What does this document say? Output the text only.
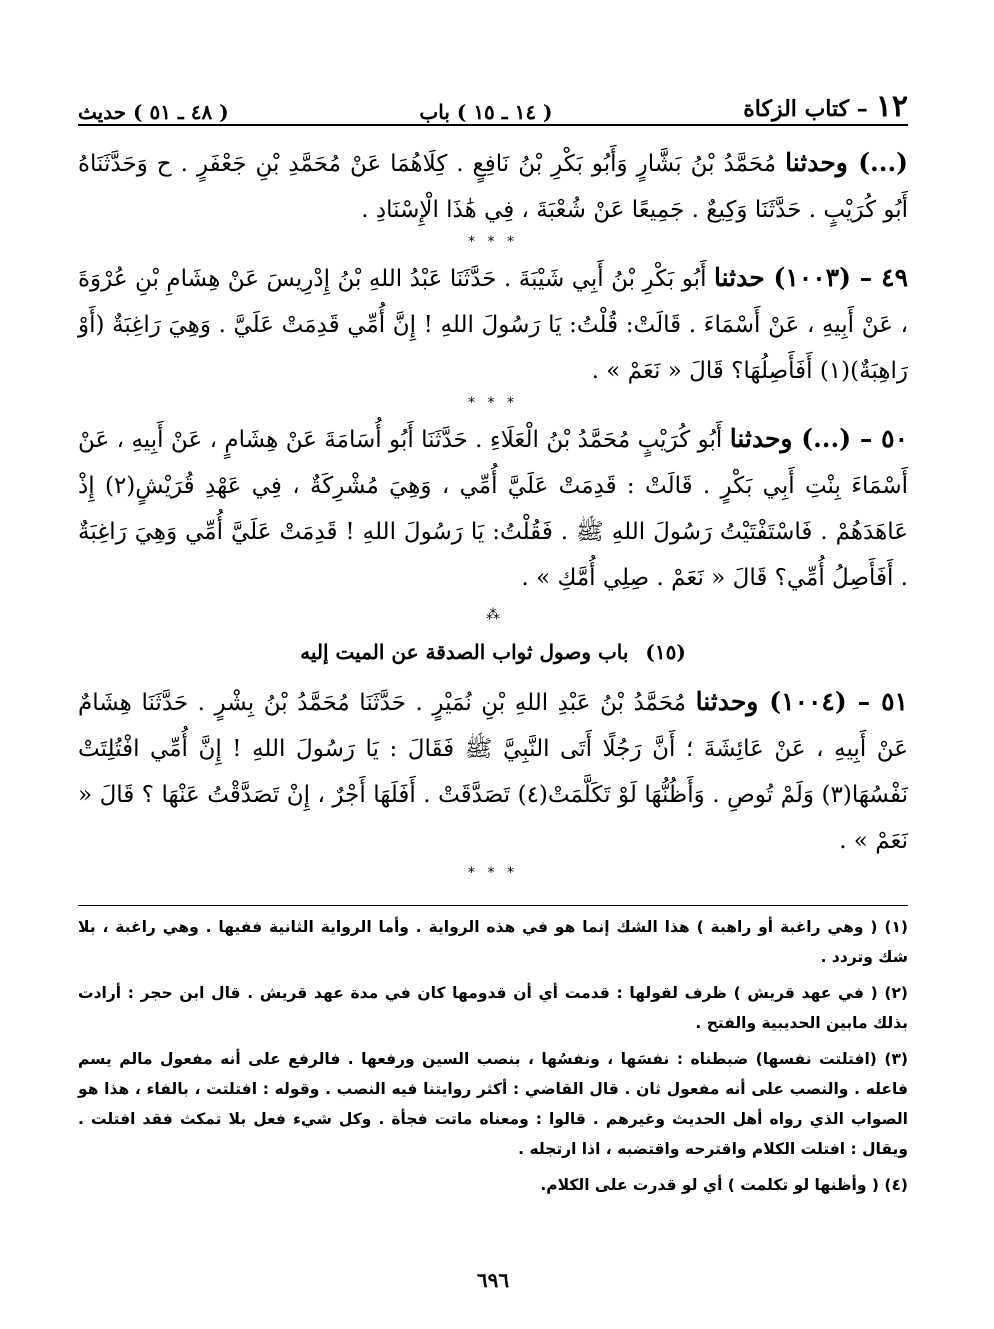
١٢
– كتاب الزكاة
( ١٤ ـ ١٥ ) باب
( ٤٨ ـ ٥١ ) حديث

(...) وحدثنا مُحَمَّدُ بْنُ بَشَّارٍ وَأَبُو بَكْرِ بْنُ نَافِعٍ . كِلَاهُمَا عَنْ مُحَمَّدِ بْنِ جَعْفَرٍ . ح وَحَدَّثَنَاهُ أَبُو كُرَيْبٍ . حَدَّثَنَا وَكِيعٌ . جَمِيعًا عَنْ شُعْبَةَ ، فِي هَٰذَا الْإِسْنَادِ .

* * *

٤٩ – (١٠٠٣) حدثنا أَبُو بَكْرِ بْنُ أَبِي شَيْبَةَ . حَدَّثَنَا عَبْدُ اللهِ بْنُ إِدْرِيسَ عَنْ هِشَامِ بْنِ عُرْوَةَ ، عَنْ أَبِيهِ ، عَنْ أَسْمَاءَ . قَالَتْ: قُلْتُ: يَا رَسُولَ اللهِ ! إِنَّ أُمِّي قَدِمَتْ عَلَيَّ . وَهِيَ رَاغِبَةٌ (أَوْ رَاهِبَةٌ)(١) أَفَأَصِلُهَا؟ قَالَ « نَعَمْ » .

* * *

٥٠ – (...) وحدثنا أَبُو كُرَيْبٍ مُحَمَّدُ بْنُ الْعَلَاءِ . حَدَّثَنَا أَبُو أُسَامَةَ عَنْ هِشَامٍ ، عَنْ أَبِيهِ ، عَنْ أَسْمَاءَ بِنْتِ أَبِي بَكْرٍ . قَالَتْ : قَدِمَتْ عَلَيَّ أُمِّي ، وَهِيَ مُشْرِكَةٌ ، فِي عَهْدِ قُرَيْشٍ(٢) إِذْ عَاهَدَهُمْ . فَاسْتَفْتَيْتُ رَسُولَ اللهِ ﷺ . فَقُلْتُ: يَا رَسُولَ اللهِ ! قَدِمَتْ عَلَيَّ أُمِّي وَهِيَ رَاغِبَةٌ . أَفَأَصِلُ أُمِّي؟ قَالَ « نَعَمْ . صِلِي أُمَّكِ » .

⁂
(١٥) باب وصول ثواب الصدقة عن الميت إليه

٥١ – (١٠٠٤) وحدثنا مُحَمَّدُ بْنُ عَبْدِ اللهِ بْنِ نُمَيْرٍ . حَدَّثَنَا مُحَمَّدُ بْنُ بِشْرٍ . حَدَّثَنَا هِشَامٌ عَنْ أَبِيهِ ، عَنْ عَائِشَةَ ؛ أَنَّ رَجُلًا أَتَى النَّبِيَّ ﷺ فَقَالَ : يَا رَسُولَ اللهِ ! إِنَّ أُمِّي افْتُلِتَتْ نَفْسُهَا(٣) وَلَمْ تُوصِ . وَأَظُنُّهَا لَوْ تَكَلَّمَتْ(٤) تَصَدَّقَتْ . أَفَلَهَا أَجْرٌ ، إِنْ تَصَدَّقْتُ عَنْهَا ؟ قَالَ « نَعَمْ » .

* * *

(١) ( وهي راغبة أو راهبة ) هذا الشك إنما هو في هذه الرواية . وأما الرواية الثانية ففيها . وهي راغبة ، بلا شك وتردد .

(٢) ( في عهد قريش ) ظرف لقولها : قدمت أي أن قدومها كان في مدة عهد قريش . قال ابن حجر : أرادت بذلك مابين الحديبية والفتح .

(٣) (افتلتت نفسها) ضبطناه : نفسَها ، ونفسُها ، بنصب السين ورفعها . فالرفع على أنه مفعول مالم يسم فاعله . والنصب على أنه مفعول ثان . قال القاضي : أكثر روايتنا فيه النصب . وقوله : افتلتت ، بالفاء ، هذا هو الصواب الذي رواه أهل الحديث وغيرهم . قالوا : ومعناه ماتت فجأة . وكل شيء فعل بلا تمكث فقد افتلت . ويقال : افتلت الكلام واقترحه واقتضبه ، اذا ارتجله .

(٤) ( وأظنها لو تكلمت ) أي لو قدرت على الكلام.

٦٩٦
